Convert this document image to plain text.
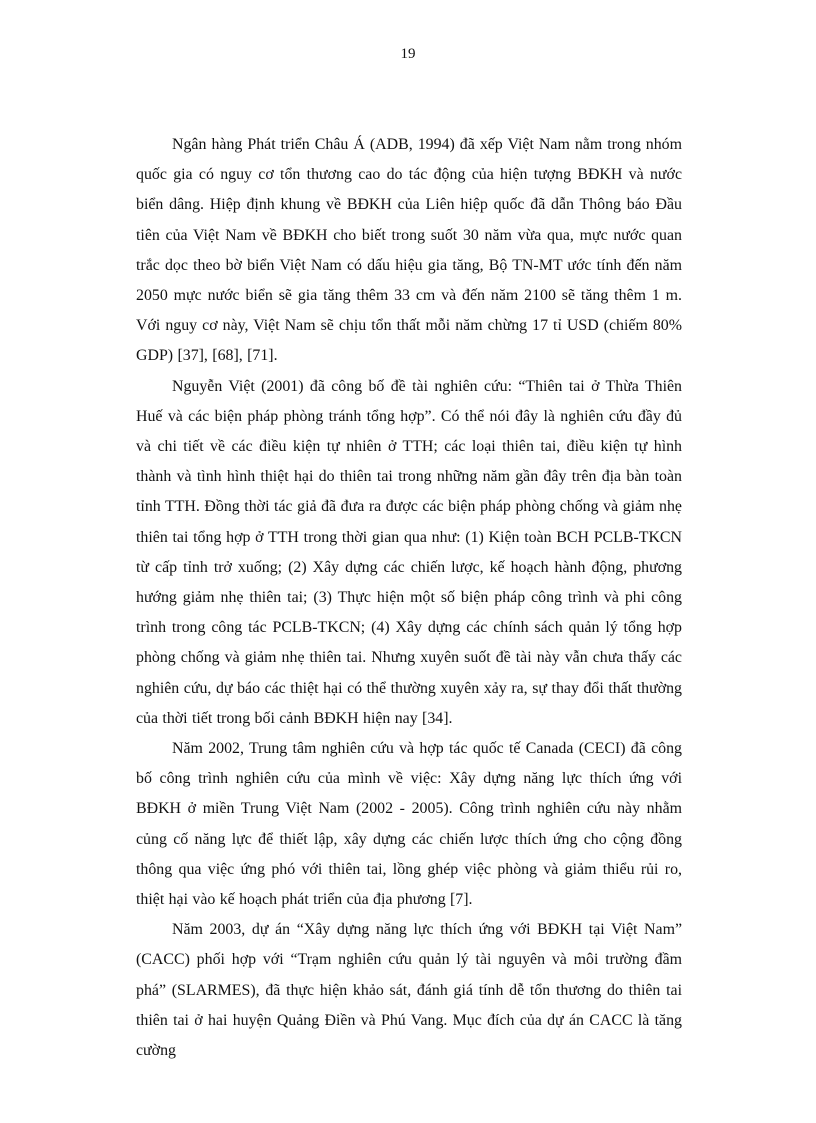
19

Ngân hàng Phát triển Châu Á (ADB, 1994) đã xếp Việt Nam nằm trong nhóm quốc gia có nguy cơ tổn thương cao do tác động của hiện tượng BĐKH và nước biển dâng. Hiệp định khung về BĐKH của Liên hiệp quốc đã dẫn Thông báo Đầu tiên của Việt Nam về BĐKH cho biết trong suốt 30 năm vừa qua, mực nước quan trắc dọc theo bờ biển Việt Nam có dấu hiệu gia tăng, Bộ TN-MT ước tính đến năm 2050 mực nước biển sẽ gia tăng thêm 33 cm và đến năm 2100 sẽ tăng thêm 1 m. Với nguy cơ này, Việt Nam sẽ chịu tổn thất mỗi năm chừng 17 tỉ USD (chiếm 80% GDP) [37], [68], [71].

Nguyễn Việt (2001) đã công bố đề tài nghiên cứu: “Thiên tai ở Thừa Thiên Huế và các biện pháp phòng tránh tổng hợp”. Có thể nói đây là nghiên cứu đầy đủ và chi tiết về các điều kiện tự nhiên ở TTH; các loại thiên tai, điều kiện tự hình thành và tình hình thiệt hại do thiên tai trong những năm gần đây trên địa bàn toàn tỉnh TTH. Đồng thời tác giả đã đưa ra được các biện pháp phòng chống và giảm nhẹ thiên tai tổng hợp ở TTH trong thời gian qua như: (1) Kiện toàn BCH PCLB-TKCN từ cấp tỉnh trở xuống; (2) Xây dựng các chiến lược, kế hoạch hành động, phương hướng giảm nhẹ thiên tai; (3) Thực hiện một số biện pháp công trình và phi công trình trong công tác PCLB-TKCN; (4) Xây dựng các chính sách quản lý tổng hợp phòng chống và giảm nhẹ thiên tai. Nhưng xuyên suốt đề tài này vẫn chưa thấy các nghiên cứu, dự báo các thiệt hại có thể thường xuyên xảy ra, sự thay đổi thất thường của thời tiết trong bối cảnh BĐKH hiện nay [34].

Năm 2002, Trung tâm nghiên cứu và hợp tác quốc tế Canada (CECI) đã công bố công trình nghiên cứu của mình về việc: Xây dựng năng lực thích ứng với BĐKH ở miền Trung Việt Nam (2002 - 2005). Công trình nghiên cứu này nhằm củng cố năng lực để thiết lập, xây dựng các chiến lược thích ứng cho cộng đồng thông qua việc ứng phó với thiên tai, lồng ghép việc phòng và giảm thiểu rủi ro, thiệt hại vào kế hoạch phát triển của địa phương [7].

Năm 2003, dự án “Xây dựng năng lực thích ứng với BĐKH tại Việt Nam” (CACC) phối hợp với “Trạm nghiên cứu quản lý tài nguyên và môi trường đầm phá” (SLARMES), đã thực hiện khảo sát, đánh giá tính dễ tổn thương do thiên tai thiên tai ở hai huyện Quảng Điền và Phú Vang. Mục đích của dự án CACC là tăng cường
